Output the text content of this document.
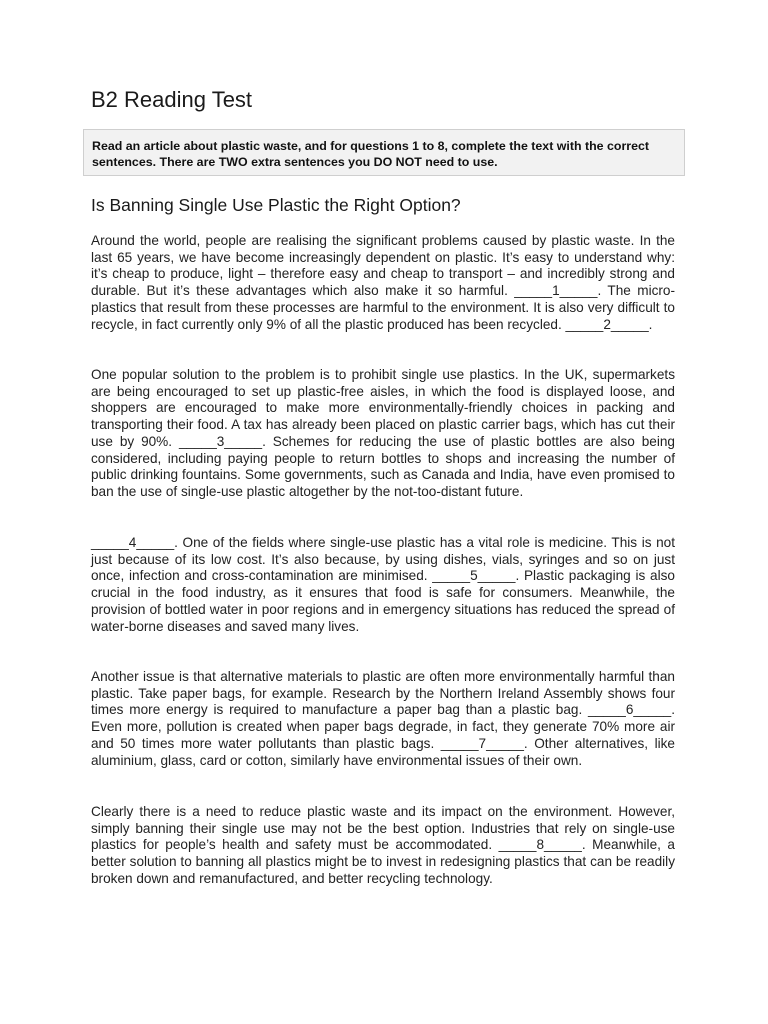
B2 Reading Test
Read an article about plastic waste, and for questions 1 to 8, complete the text with the correct sentences. There are TWO extra sentences you DO NOT need to use.
Is Banning Single Use Plastic the Right Option?

Around the world, people are realising the significant problems caused by plastic waste. In the last 65 years, we have become increasingly dependent on plastic. It’s easy to understand why: it’s cheap to produce, light – therefore easy and cheap to transport – and incredibly strong and durable. But it’s these advantages which also make it so harmful. _____1_____. The micro-plastics that result from these processes are harmful to the environment. It is also very difficult to recycle, in fact currently only 9% of all the plastic produced has been recycled. _____2_____.

One popular solution to the problem is to prohibit single use plastics. In the UK, supermarkets are being encouraged to set up plastic-free aisles, in which the food is displayed loose, and shoppers are encouraged to make more environmentally-friendly choices in packing and transporting their food. A tax has already been placed on plastic carrier bags, which has cut their use by 90%. _____3_____. Schemes for reducing the use of plastic bottles are also being considered, including paying people to return bottles to shops and increasing the number of public drinking fountains. Some governments, such as Canada and India, have even promised to ban the use of single-use plastic altogether by the not-too-distant future.

_____4_____. One of the fields where single-use plastic has a vital role is medicine. This is not just because of its low cost. It’s also because, by using dishes, vials, syringes and so on just once, infection and cross-contamination are minimised. _____5_____. Plastic packaging is also crucial in the food industry, as it ensures that food is safe for consumers. Meanwhile, the provision of bottled water in poor regions and in emergency situations has reduced the spread of water-borne diseases and saved many lives.

Another issue is that alternative materials to plastic are often more environmentally harmful than plastic. Take paper bags, for example. Research by the Northern Ireland Assembly shows four times more energy is required to manufacture a paper bag than a plastic bag. _____6_____. Even more, pollution is created when paper bags degrade, in fact, they generate 70% more air and 50 times more water pollutants than plastic bags. _____7_____. Other alternatives, like aluminium, glass, card or cotton, similarly have environmental issues of their own.

Clearly there is a need to reduce plastic waste and its impact on the environment. However, simply banning their single use may not be the best option. Industries that rely on single-use plastics for people’s health and safety must be accommodated. _____8_____. Meanwhile, a better solution to banning all plastics might be to invest in redesigning plastics that can be readily broken down and remanufactured, and better recycling technology.
